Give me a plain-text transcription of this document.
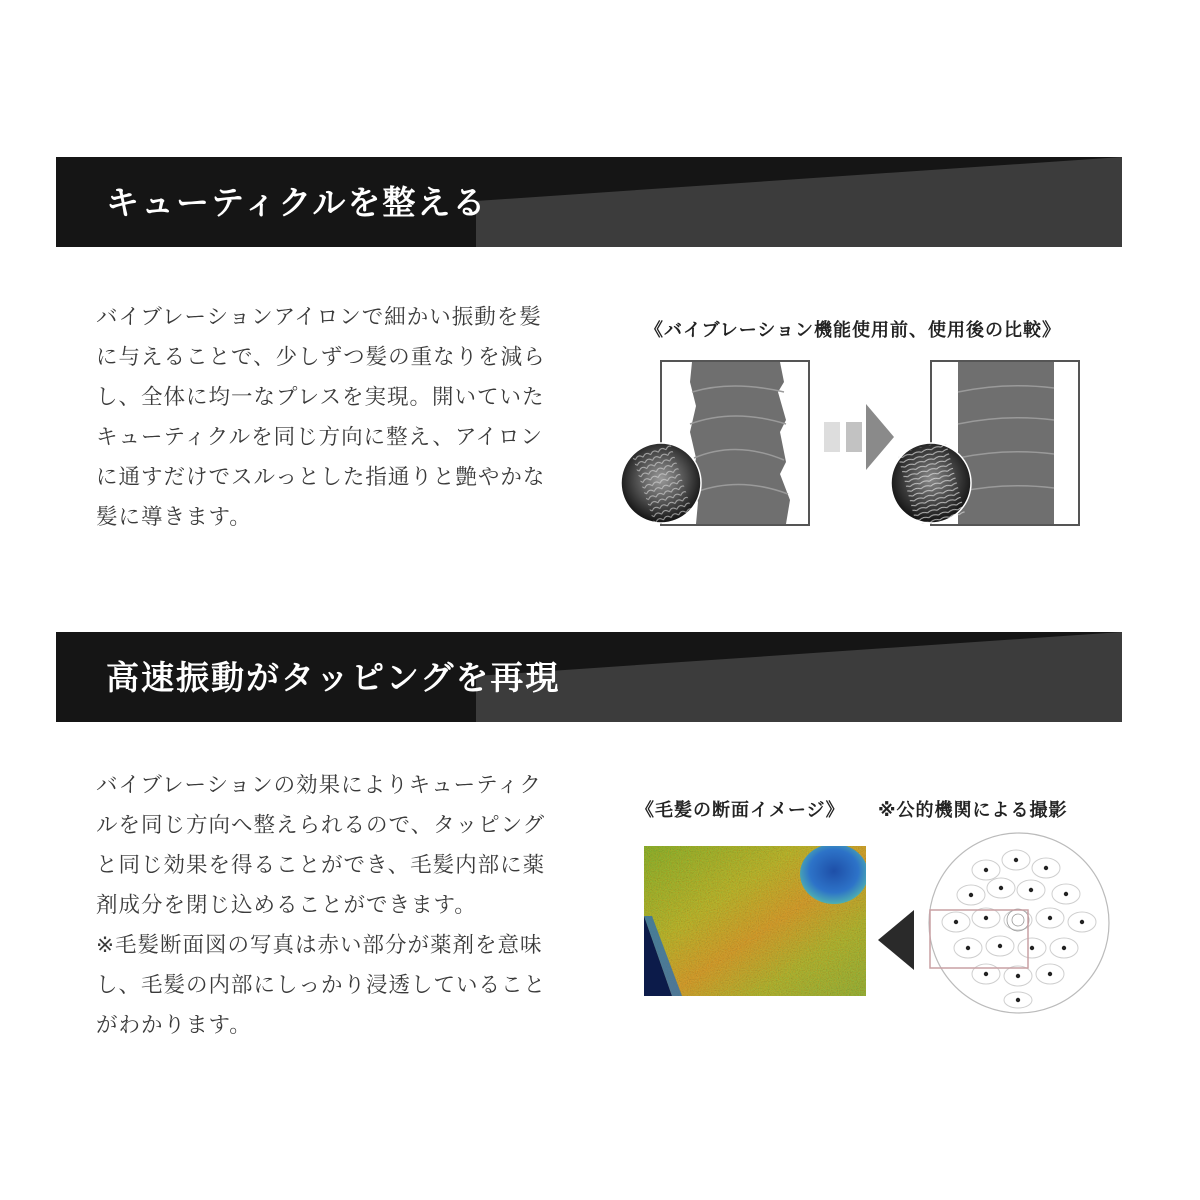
キューティクルを整える

バイブレーションアイロンで細かい振動を髪
に与えることで、少しずつ髪の重なりを減ら
し、全体に均一なプレスを実現。開いていた
キューティクルを同じ方向に整え、アイロン
に通すだけでスルっとした指通りと艶やかな
髪に導きます。

《バイブレーション機能使用前、使用後の比較》
高速振動がタッピングを再現

バイブレーションの効果によりキューティク
ルを同じ方向へ整えられるので、タッピング
と同じ効果を得ることができ、毛髪内部に薬
剤成分を閉じ込めることができます。
※毛髪断面図の写真は赤い部分が薬剤を意味
し、毛髪の内部にしっかり浸透していること
がわかります。

《毛髪の断面イメージ》 ※公的機関による撮影
